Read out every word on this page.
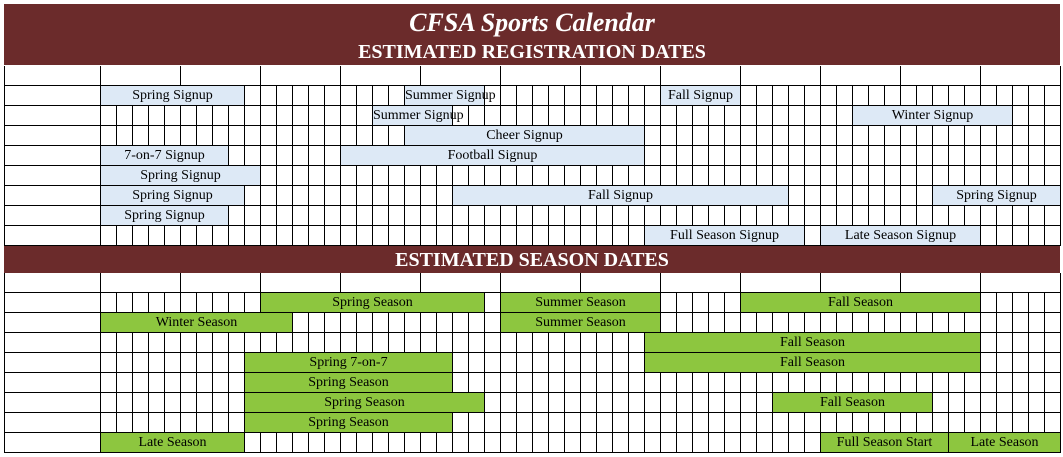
CFSA Sports Calendar
ESTIMATED REGISTRATION DATES
Spring Signup	Summer Signup	Fall Signup
Summer Signup	Winter Signup
Cheer Signup
7-on-7 Signup	Football Signup
Spring Signup
Spring Signup	Fall Signup	Spring Signup
Spring Signup
Full Season Signup	Late Season Signup
ESTIMATED SEASON DATES
Spring Season	Summer Season	Fall Season
Winter Season	Summer Season
Fall Season
Spring 7-on-7	Fall Season
Spring Season
Spring Season	Fall Season
Spring Season
Late Season	Full Season Start	Late Season
